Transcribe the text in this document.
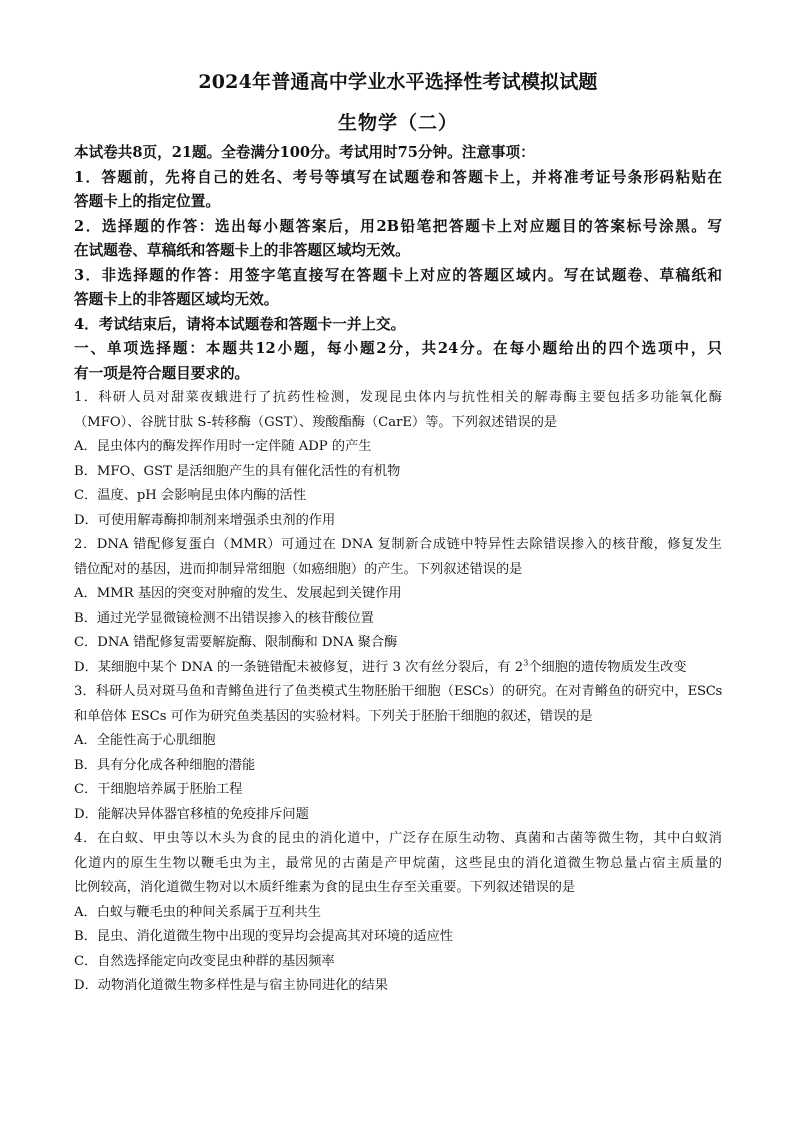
2024年普通高中学业水平选择性考试模拟试题
生物学（二）
本试卷共8页，21题。全卷满分100分。考试用时75分钟。注意事项：
1．答题前，先将自己的姓名、考号等填写在试题卷和答题卡上，并将准考证号条形码粘贴在
答题卡上的指定位置。
2．选择题的作答：选出每小题答案后，用2B铅笔把答题卡上对应题目的答案标号涂黑。写
在试题卷、草稿纸和答题卡上的非答题区域均无效。
3．非选择题的作答：用签字笔直接写在答题卡上对应的答题区域内。写在试题卷、草稿纸和
答题卡上的非答题区域均无效。
4．考试结束后，请将本试题卷和答题卡一并上交。
一、单项选择题：本题共12小题，每小题2分，共24分。在每小题给出的四个选项中，只
有一项是符合题目要求的。
1．科研人员对甜菜夜蛾进行了抗药性检测，发现昆虫体内与抗性相关的解毒酶主要包括多功能氧化酶
（MFO）、谷胱甘肽 S-转移酶（GST）、羧酸酯酶（CarE）等。下列叙述错误的是
A．昆虫体内的酶发挥作用时一定伴随 ADP 的产生
B．MFO、GST 是活细胞产生的具有催化活性的有机物
C．温度、pH 会影响昆虫体内酶的活性
D．可使用解毒酶抑制剂来增强杀虫剂的作用
2．DNA 错配修复蛋白（MMR）可通过在 DNA 复制新合成链中特异性去除错误掺入的核苷酸，修复发生
错位配对的基因，进而抑制异常细胞（如癌细胞）的产生。下列叙述错误的是
A．MMR 基因的突变对肿瘤的发生、发展起到关键作用
B．通过光学显微镜检测不出错误掺入的核苷酸位置
C．DNA 错配修复需要解旋酶、限制酶和 DNA 聚合酶
D．某细胞中某个 DNA 的一条链错配未被修复，进行 3 次有丝分裂后，有 $2^3$个细胞的遗传物质发生改变
3．科研人员对斑马鱼和青鳉鱼进行了鱼类模式生物胚胎干细胞（ESCs）的研究。在对青鳉鱼的研究中，ESCs
和单倍体 ESCs 可作为研究鱼类基因的实验材料。下列关于胚胎干细胞的叙述，错误的是
A．全能性高于心肌细胞
B．具有分化成各种细胞的潜能
C．干细胞培养属于胚胎工程
D．能解决异体器官移植的免疫排斥问题
4．在白蚁、甲虫等以木头为食的昆虫的消化道中，广泛存在原生动物、真菌和古菌等微生物，其中白蚁消
化道内的原生生物以鞭毛虫为主，最常见的古菌是产甲烷菌，这些昆虫的消化道微生物总量占宿主质量的
比例较高，消化道微生物对以木质纤维素为食的昆虫生存至关重要。下列叙述错误的是
A．白蚁与鞭毛虫的种间关系属于互利共生
B．昆虫、消化道微生物中出现的变异均会提高其对环境的适应性
C．自然选择能定向改变昆虫种群的基因频率
D．动物消化道微生物多样性是与宿主协同进化的结果
